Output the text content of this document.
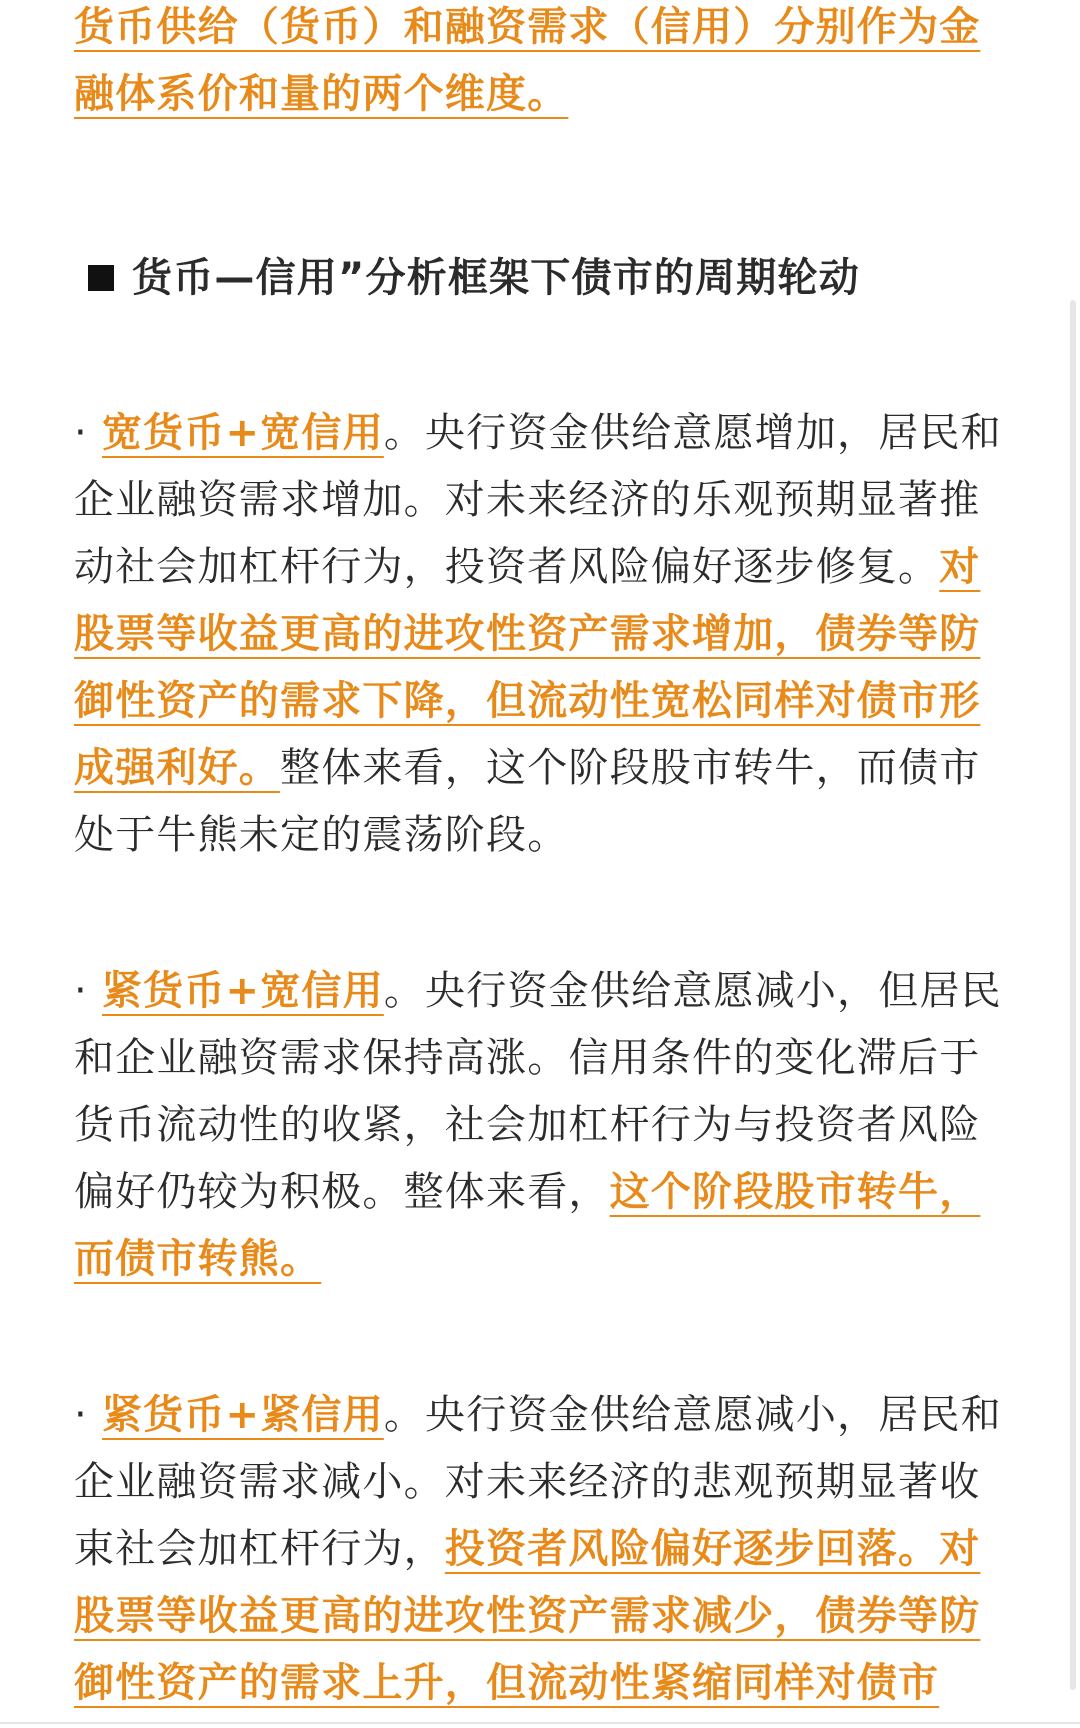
货币供给（货币）和融资需求（信用）分别作为金融体系价和量的两个维度。

货币—信用”分析框架下债市的周期轮动

· 宽货币+宽信用。央行资金供给意愿增加，居民和企业融资需求增加。对未来经济的乐观预期显著推动社会加杠杆行为，投资者风险偏好逐步修复。对股票等收益更高的进攻性资产需求增加，债券等防御性资产的需求下降，但流动性宽松同样对债市形成强利好。整体来看，这个阶段股市转牛，而债市处于牛熊未定的震荡阶段。

· 紧货币+宽信用。央行资金供给意愿减小，但居民和企业融资需求保持高涨。信用条件的变化滞后于货币流动性的收紧，社会加杠杆行为与投资者风险偏好仍较为积极。整体来看，这个阶段股市转牛，而债市转熊。

· 紧货币+紧信用。央行资金供给意愿减小，居民和企业融资需求减小。对未来经济的悲观预期显著收束社会加杠杆行为，投资者风险偏好逐步回落。对股票等收益更高的进攻性资产需求减少，债券等防御性资产的需求上升，但流动性紧缩同样对债市
